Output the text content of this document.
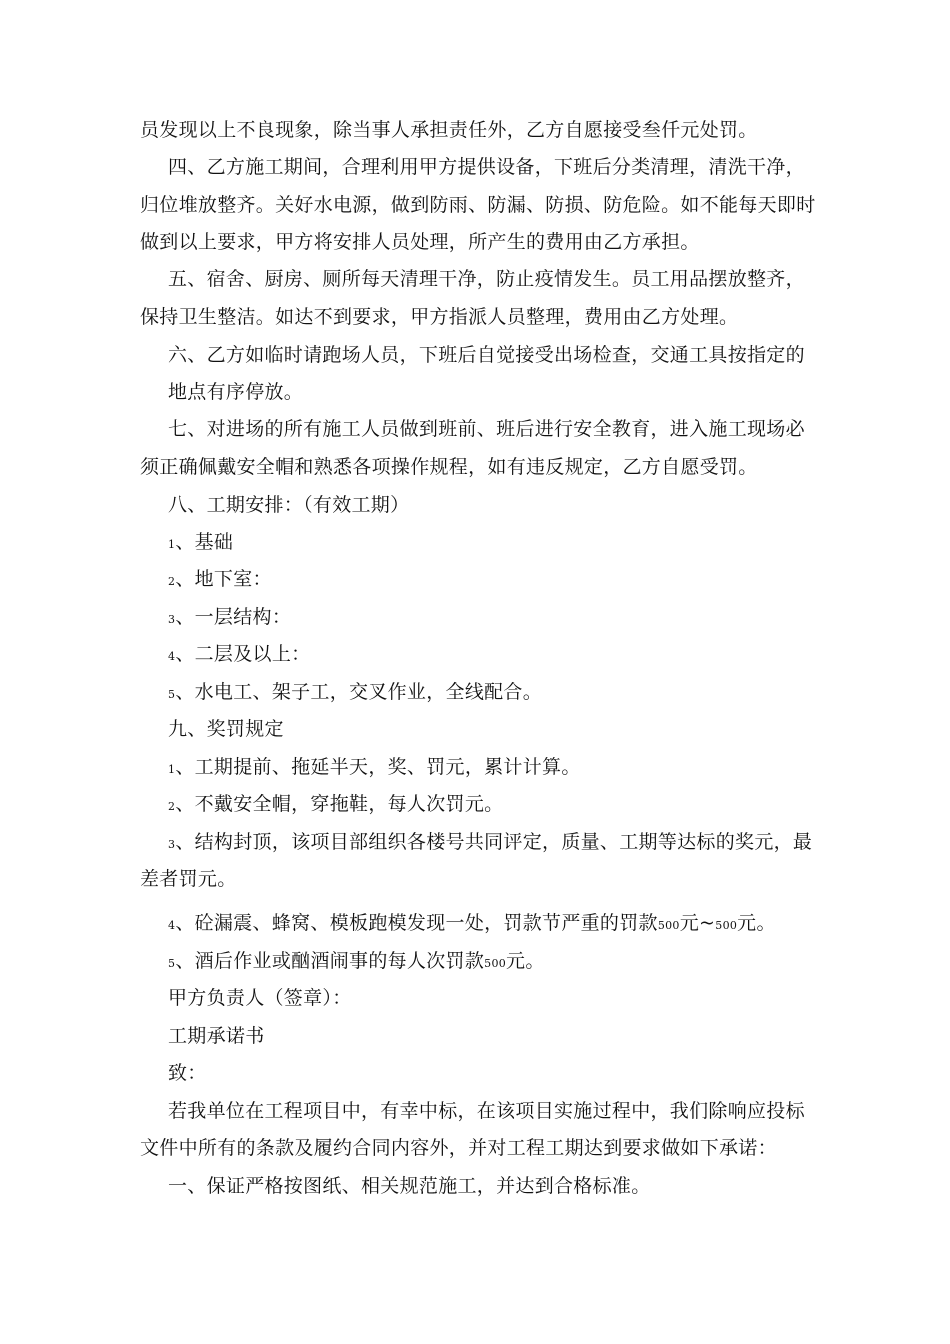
员发现以上不良现象，除当事人承担责任外，乙方自愿接受叁仟元处罚。
四、乙方施工期间，合理利用甲方提供设备，下班后分类清理，清洗干净，
归位堆放整齐。关好水电源，做到防雨、防漏、防损、防危险。如不能每天即时
做到以上要求，甲方将安排人员处理，所产生的费用由乙方承担。
五、宿舍、厨房、厕所每天清理干净，防止疫情发生。员工用品摆放整齐，
保持卫生整洁。如达不到要求，甲方指派人员整理，费用由乙方处理。
六、乙方如临时请跑场人员，下班后自觉接受出场检查，交通工具按指定的
地点有序停放。
七、对进场的所有施工人员做到班前、班后进行安全教育，进入施工现场必
须正确佩戴安全帽和熟悉各项操作规程，如有违反规定，乙方自愿受罚。
八、工期安排：（有效工期）
1、基础
2、地下室：
3、一层结构：
4、二层及以上：
5、水电工、架子工，交叉作业，全线配合。
九、奖罚规定
1、工期提前、拖延半天，奖、罚元，累计计算。
2、不戴安全帽，穿拖鞋，每人次罚元。
3、结构封顶，该项目部组织各楼号共同评定，质量、工期等达标的奖元，最
差者罚元。
4、砼漏震、蜂窝、模板跑模发现一处，罚款节严重的罚款500元~500元。
5、酒后作业或酗酒闹事的每人次罚款500元。
甲方负责人（签章）：
工期承诺书
致：
若我单位在工程项目中，有幸中标，在该项目实施过程中，我们除响应投标
文件中所有的条款及履约合同内容外，并对工程工期达到要求做如下承诺：
一、保证严格按图纸、相关规范施工，并达到合格标准。
